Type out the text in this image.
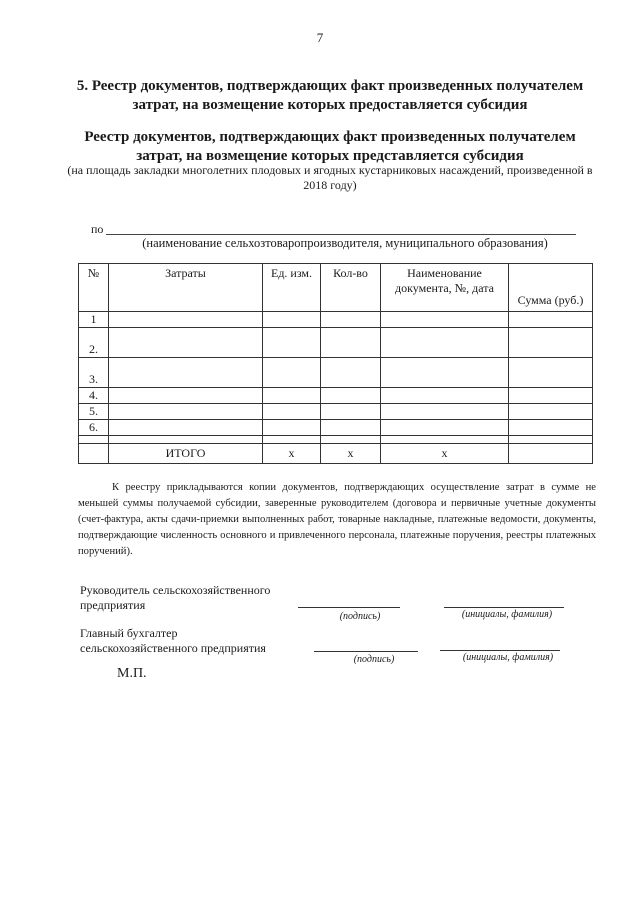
7
5. Реестр документов, подтверждающих факт произведенных получателем затрат, на возмещение которых предоставляется субсидия
Реестр документов, подтверждающих факт произведенных получателем затрат, на возмещение которых представляется субсидия
(на площадь закладки многолетних плодовых и ягодных кустарниковых насаждений, произведенной в 2018 году)
по
(наименование сельхозтоваропроизводителя, муниципального образования)
№	Затраты	Ед. изм.	Кол-во	Наименование документа, №, дата	Сумма (руб.)
1					
2.					
3.					
4.					
5.					
6.					

	ИТОГО	х	х	х	
К реестру прикладываются копии документов, подтверждающих осуществление затрат в сумме не меньшей суммы получаемой субсидии, заверенные руководителем (договора и первичные учетные документы (счет-фактура, акты сдачи-приемки выполненных работ, товарные накладные, платежные ведомости, документы, подтверждающие численность основного и привлеченного персонала, платежные поручения, реестры платежных поручений).
Руководитель сельскохозяйственного
предприятия
(подпись)	(инициалы, фамилия)
Главный бухгалтер
сельскохозяйственного предприятия
(подпись)	(инициалы, фамилия)
М.П.
